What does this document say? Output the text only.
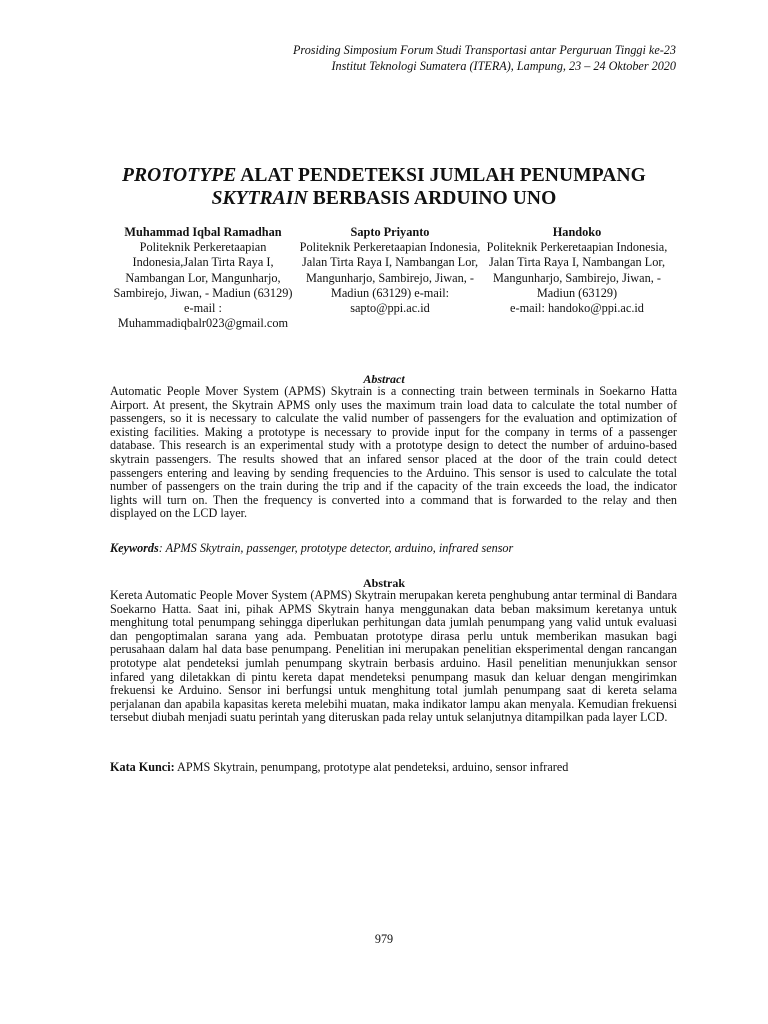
Prosiding Simposium Forum Studi Transportasi antar Perguruan Tinggi ke-23
Institut Teknologi Sumatera (ITERA), Lampung, 23 – 24 Oktober 2020
PROTOTYPE ALAT PENDETEKSI JUMLAH PENUMPANG
SKYTRAIN BERBASIS ARDUINO UNO
Muhammad Iqbal Ramadhan
Politeknik Perkeretaapian Indonesia,Jalan Tirta Raya I, Nambangan Lor, Mangunharjo, Sambirejo, Jiwan, - Madiun (63129)
e-mail :
Muhammadiqbalr023@gmail.com
Sapto Priyanto
Politeknik Perkeretaapian Indonesia, Jalan Tirta Raya I, Nambangan Lor, Mangunharjo, Sambirejo, Jiwan, - Madiun (63129) e-mail:
sapto@ppi.ac.id
Handoko
Politeknik Perkeretaapian Indonesia, Jalan Tirta Raya I, Nambangan Lor, Mangunharjo, Sambirejo, Jiwan, - Madiun (63129)
e-mail: handoko@ppi.ac.id
Abstract
Automatic People Mover System (APMS) Skytrain is a connecting train between terminals in Soekarno Hatta Airport. At present, the Skytrain APMS only uses the maximum train load data to calculate the total number of passengers, so it is necessary to calculate the valid number of passengers for the evaluation and optimization of existing facilities. Making a prototype is necessary to provide input for the company in terms of a passenger database. This research is an experimental study with a prototype design to detect the number of arduino-based skytrain passengers. The results showed that an infared sensor placed at the door of the train could detect passengers entering and leaving by sending frequencies to the Arduino. This sensor is used to calculate the total number of passengers on the train during the trip and if the capacity of the train exceeds the load, the indicator lights will turn on. Then the frequency is converted into a command that is forwarded to the relay and then displayed on the LCD layer.
Keywords: APMS Skytrain, passenger, prototype detector, arduino, infrared sensor
Abstrak
Kereta Automatic People Mover System (APMS) Skytrain merupakan kereta penghubung antar terminal di Bandara Soekarno Hatta. Saat ini, pihak APMS Skytrain hanya menggunakan data beban maksimum keretanya untuk menghitung total penumpang sehingga diperlukan perhitungan data jumlah penumpang yang valid untuk evaluasi dan pengoptimalan sarana yang ada. Pembuatan prototype dirasa perlu untuk memberikan masukan bagi perusahaan dalam hal data base penumpang. Penelitian ini merupakan penelitian eksperimental dengan rancangan prototype alat pendeteksi jumlah penumpang skytrain berbasis arduino. Hasil penelitian menunjukkan sensor infared yang diletakkan di pintu kereta dapat mendeteksi penumpang masuk dan keluar dengan mengirimkan frekuensi ke Arduino. Sensor ini berfungsi untuk menghitung total jumlah penumpang saat di kereta selama perjalanan dan apabila kapasitas kereta melebihi muatan, maka indikator lampu akan menyala. Kemudian frekuensi tersebut diubah menjadi suatu perintah yang diteruskan pada relay untuk selanjutnya ditampilkan pada layer LCD.
Kata Kunci: APMS Skytrain, penumpang, prototype alat pendeteksi, arduino, sensor infrared
979
